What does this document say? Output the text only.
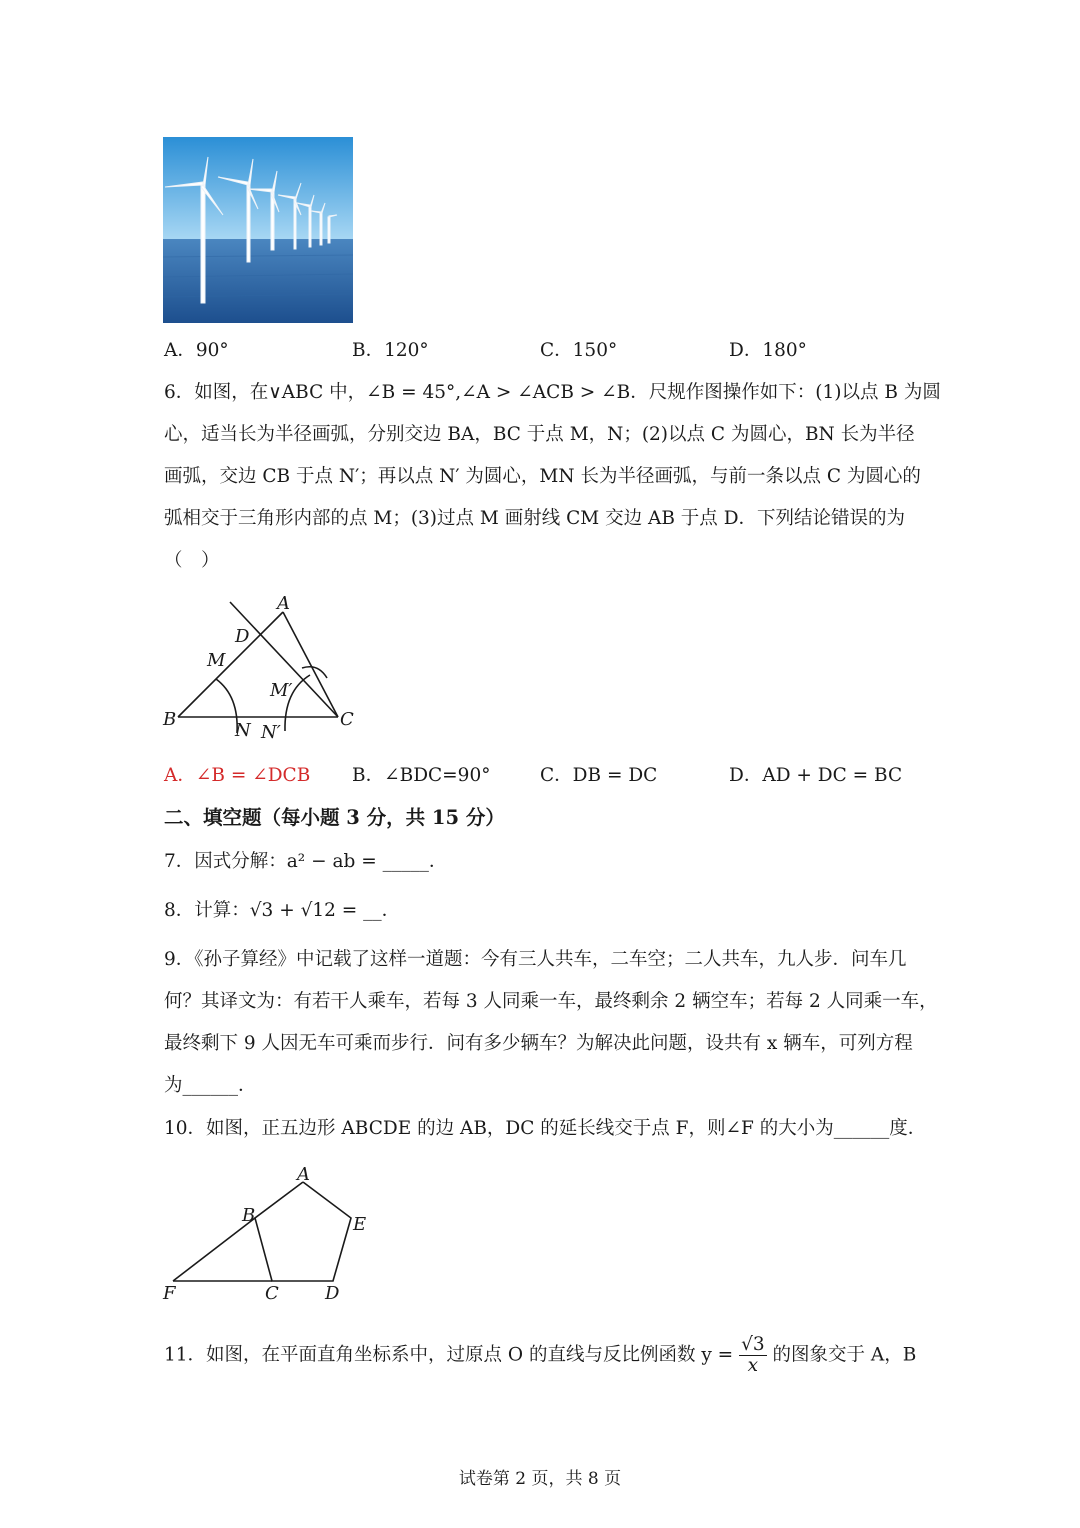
A．90°	B．120°	C．150°	D．180°
6．如图，在∨ABC 中，∠B = 45°,∠A > ∠ACB > ∠B．尺规作图操作如下：(1)以点 B 为圆
心，适当长为半径画弧，分别交边 BA，BC 于点 M，N；(2)以点 C 为圆心，BN 长为半径
画弧，交边 CB 于点 N′；再以点 N′ 为圆心，MN 长为半径画弧，与前一条以点 C 为圆心的
弧相交于三角形内部的点 M；(3)过点 M 画射线 CM 交边 AB 于点 D．下列结论错误的为
（　）
A
B	C
D
M
M′
N N′
A．∠B = ∠DCB B．∠BDC=90°	C．DB = DC	D．AD + DC = BC
二、填空题（每小题 3 分，共 15 分）
7．因式分解：a² − ab = _____．
8．计算：√3 + √12 = __．
9．《孙子算经》中记载了这样一道题：今有三人共车，二车空；二人共车，九人步．问车几
何？其译文为：有若干人乘车，若每 3 人同乘一车，最终剩余 2 辆空车；若每 2 人同乘一车，
最终剩下 9 人因无车可乘而步行．问有多少辆车？为解决此问题，设共有 x 辆车，可列方程
为______．
10．如图，正五边形 ABCDE 的边 AB，DC 的延长线交于点 F，则∠F 的大小为______度．
A
B
C	D
E
F
11．如图，在平面直角坐标系中，过原点 O 的直线与反比例函数 $y = \frac{√3}{x}$ 的图象交于 A，B
试卷第 2 页，共 8 页
